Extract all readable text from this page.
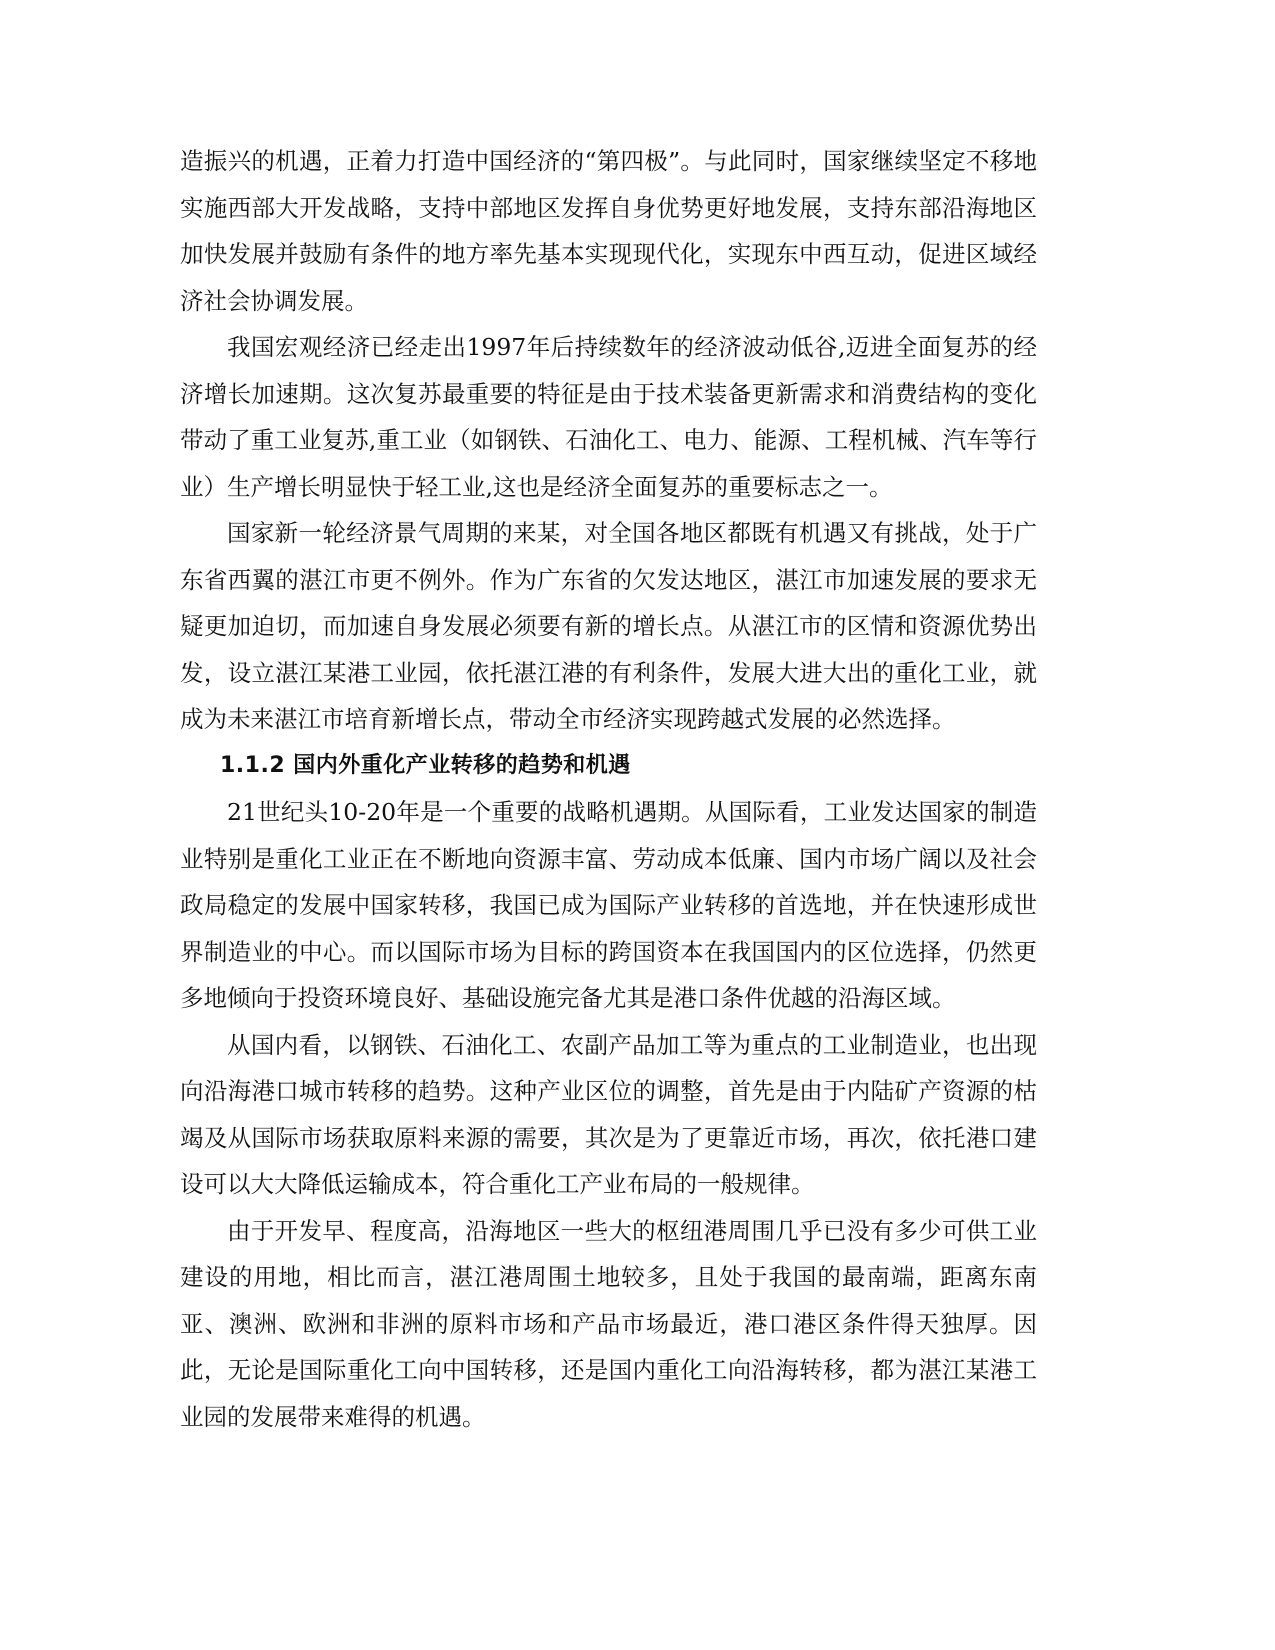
造振兴的机遇，正着力打造中国经济的“第四极”。与此同时，国家继续坚定不移地实施西部大开发战略，支持中部地区发挥自身优势更好地发展，支持东部沿海地区加快发展并鼓励有条件的地方率先基本实现现代化，实现东中西互动，促进区域经济社会协调发展。

我国宏观经济已经走出1997年后持续数年的经济波动低谷,迈进全面复苏的经济增长加速期。这次复苏最重要的特征是由于技术装备更新需求和消费结构的变化带动了重工业复苏,重工业（如钢铁、石油化工、电力、能源、工程机械、汽车等行业）生产增长明显快于轻工业,这也是经济全面复苏的重要标志之一。

国家新一轮经济景气周期的来某，对全国各地区都既有机遇又有挑战，处于广东省西翼的湛江市更不例外。作为广东省的欠发达地区，湛江市加速发展的要求无疑更加迫切，而加速自身发展必须要有新的增长点。从湛江市的区情和资源优势出发，设立湛江某港工业园，依托湛江港的有利条件，发展大进大出的重化工业，就成为未来湛江市培育新增长点，带动全市经济实现跨越式发展的必然选择。

1.1.2 国内外重化产业转移的趋势和机遇

21世纪头10-20年是一个重要的战略机遇期。从国际看，工业发达国家的制造业特别是重化工业正在不断地向资源丰富、劳动成本低廉、国内市场广阔以及社会政局稳定的发展中国家转移，我国已成为国际产业转移的首选地，并在快速形成世界制造业的中心。而以国际市场为目标的跨国资本在我国国内的区位选择，仍然更多地倾向于投资环境良好、基础设施完备尤其是港口条件优越的沿海区域。

从国内看，以钢铁、石油化工、农副产品加工等为重点的工业制造业，也出现向沿海港口城市转移的趋势。这种产业区位的调整，首先是由于内陆矿产资源的枯竭及从国际市场获取原料来源的需要，其次是为了更靠近市场，再次，依托港口建设可以大大降低运输成本，符合重化工产业布局的一般规律。

由于开发早、程度高，沿海地区一些大的枢纽港周围几乎已没有多少可供工业建设的用地，相比而言，湛江港周围土地较多，且处于我国的最南端，距离东南亚、澳洲、欧洲和非洲的原料市场和产品市场最近，港口港区条件得天独厚。因此，无论是国际重化工向中国转移，还是国内重化工向沿海转移，都为湛江某港工业园的发展带来难得的机遇。
